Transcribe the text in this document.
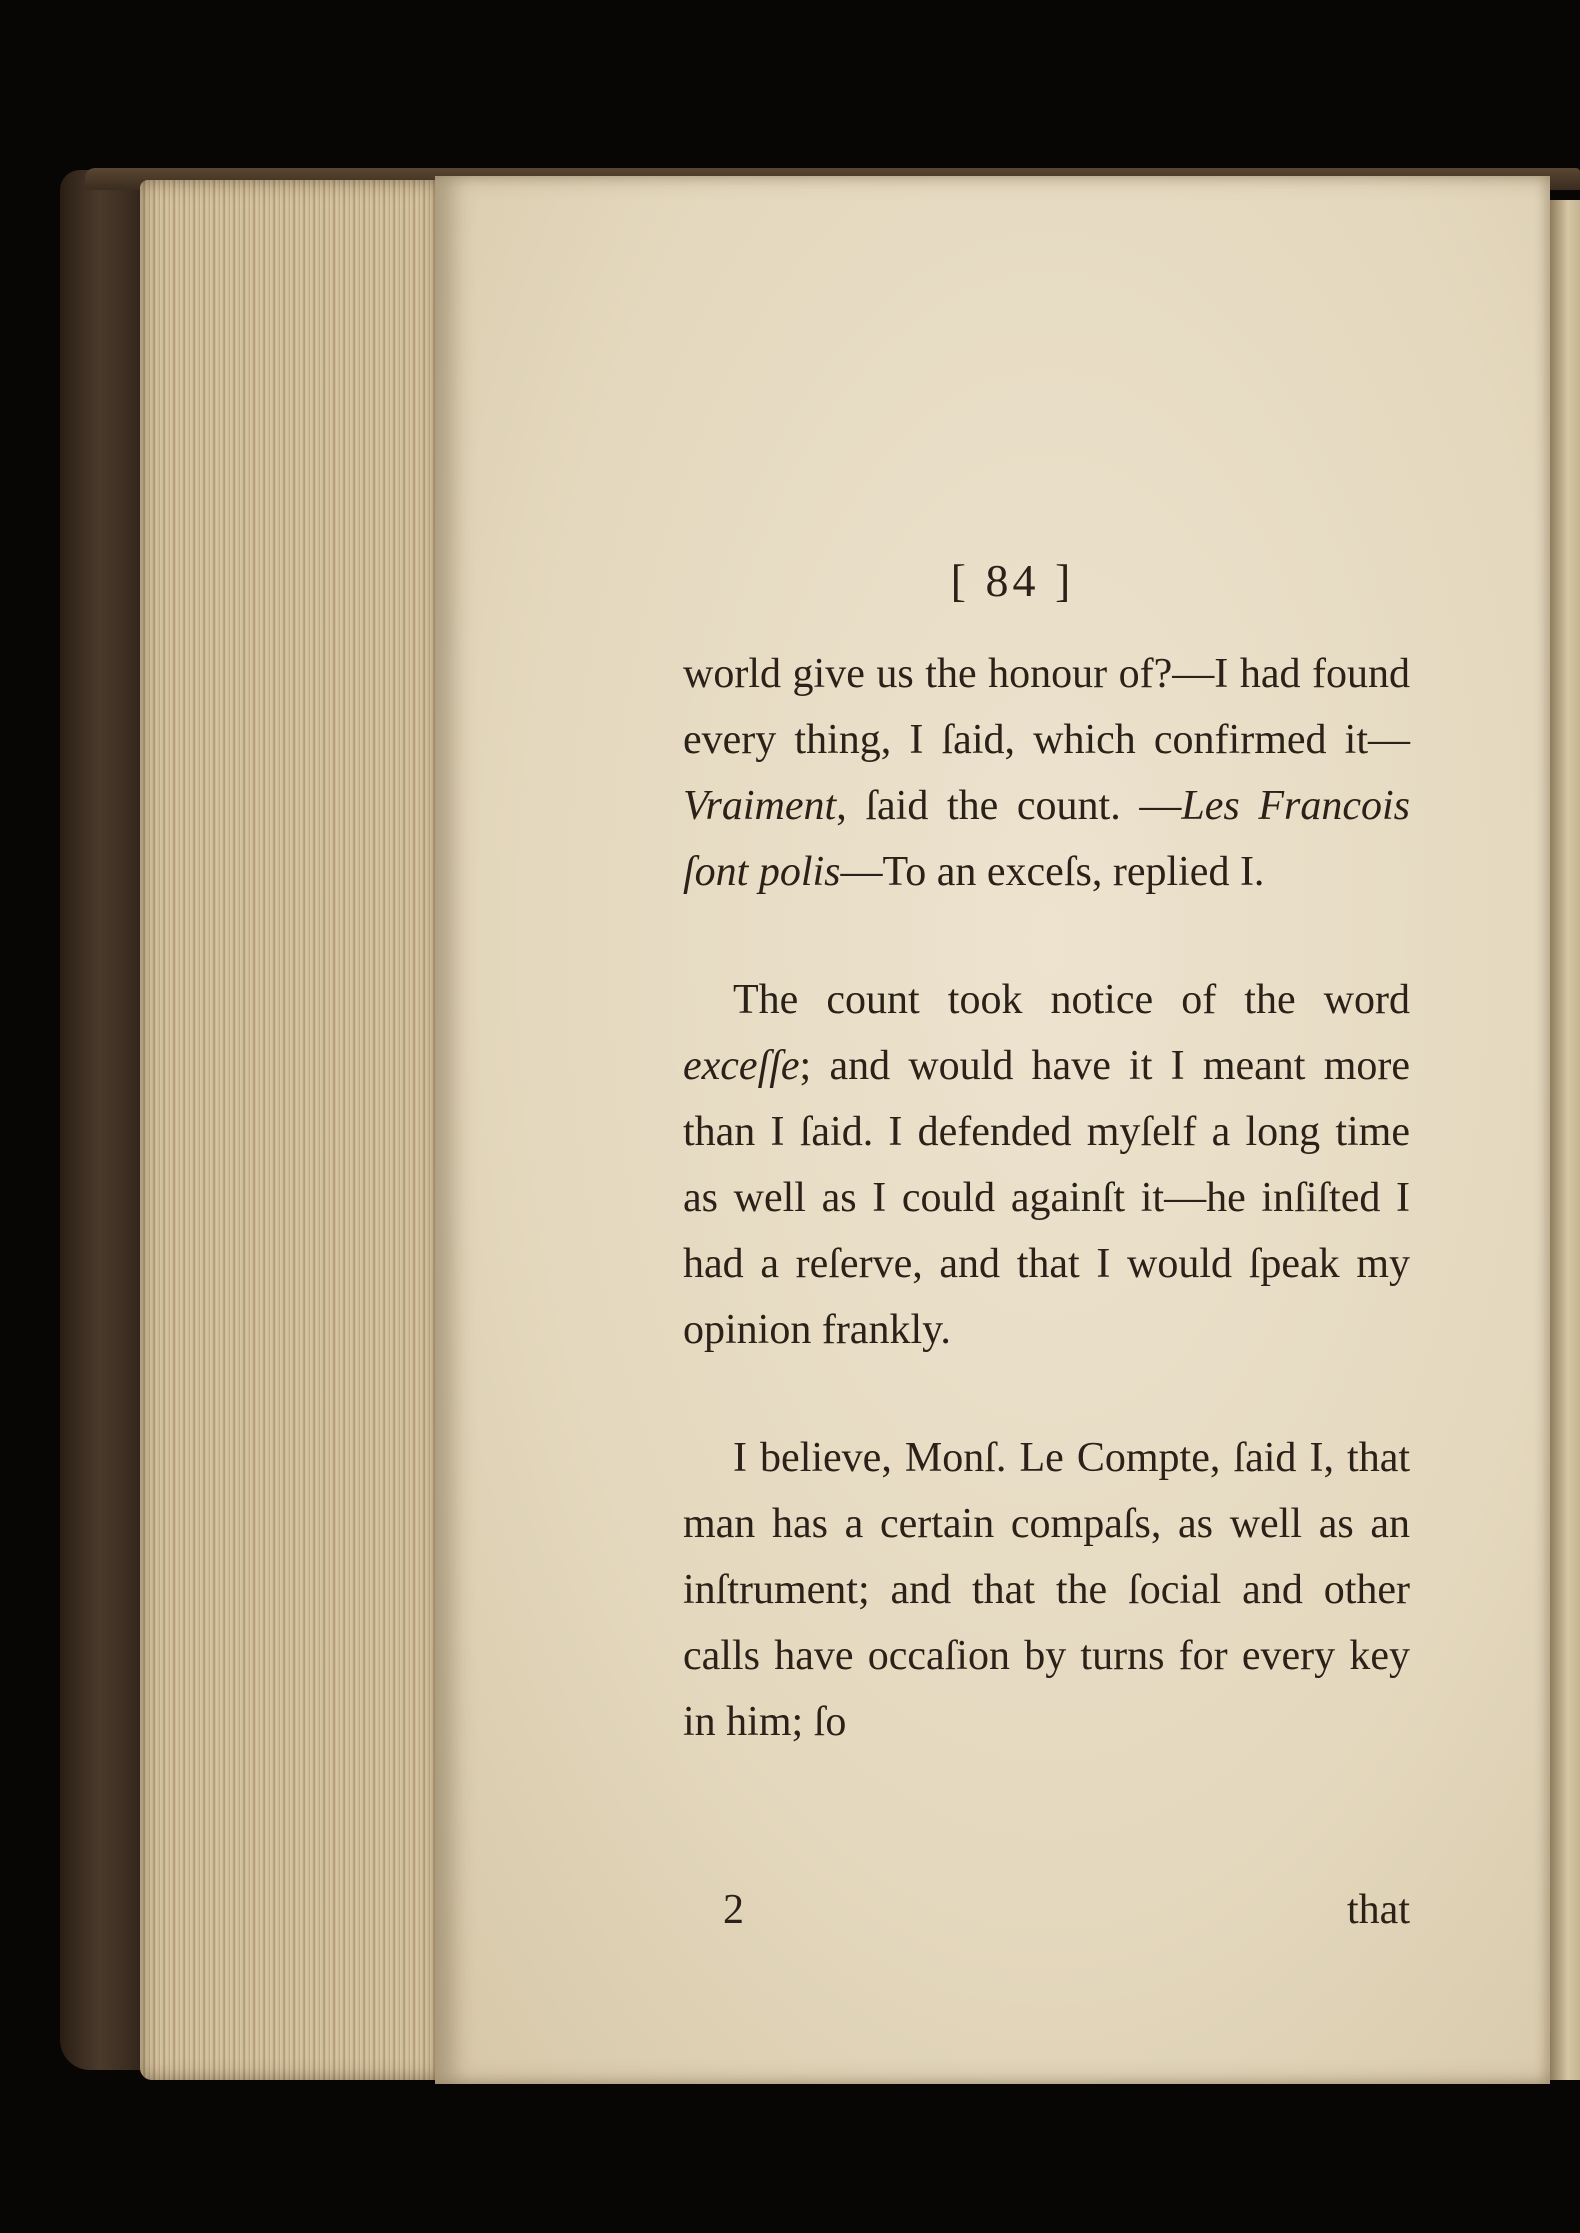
[ 84 ]

world give us the honour of?—I had found every thing, I ſaid, which confirmed it—Vraiment, ſaid the count. —Les Francois ſont polis—To an exceſs, replied I.

The count took notice of the word exceſſe; and would have it I meant more than I ſaid. I defended myſelf a long time as well as I could againſt it—he inſiſted I had a reſerve, and that I would ſpeak my opinion frankly.

I believe, Monſ. Le Compte, ſaid I, that man has a certain compaſs, as well as an inſtrument; and that the ſocial and other calls have occaſion by turns for every key in him; ſo

2	that
